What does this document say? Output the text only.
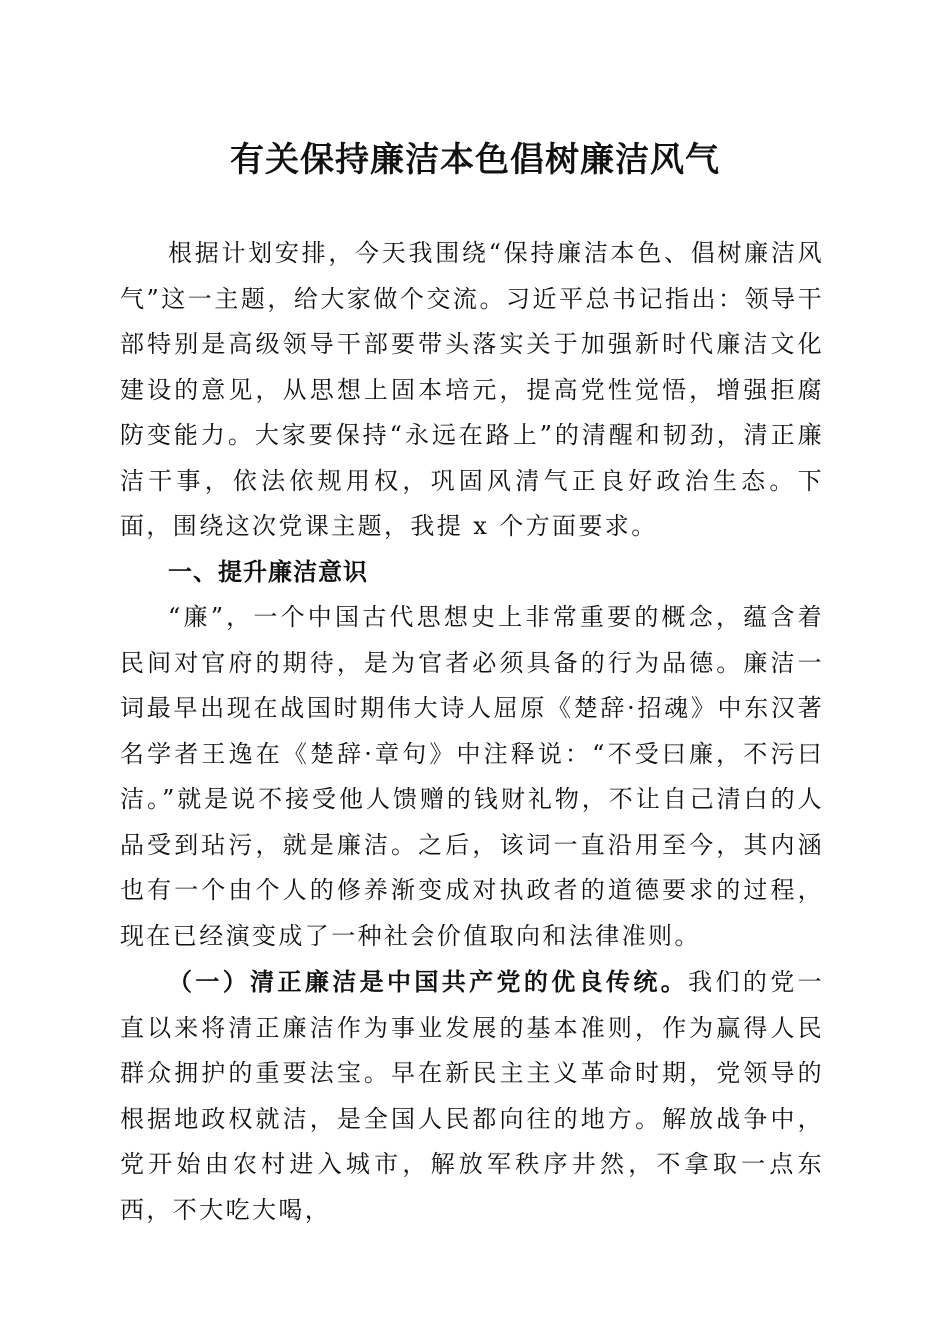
有关保持廉洁本色倡树廉洁风气

根据计划安排，今天我围绕“保持廉洁本色、倡树廉洁风气”这一主题，给大家做个交流。习近平总书记指出：领导干部特别是高级领导干部要带头落实关于加强新时代廉洁文化建设的意见，从思想上固本培元，提高党性觉悟，增强拒腐防变能力。大家要保持“永远在路上”的清醒和韧劲，清正廉洁干事，依法依规用权，巩固风清气正良好政治生态。下面，围绕这次党课主题，我提 x 个方面要求。

一、提升廉洁意识

“廉”，一个中国古代思想史上非常重要的概念，蕴含着民间对官府的期待，是为官者必须具备的行为品德。廉洁一词最早出现在战国时期伟大诗人屈原《楚辞·招魂》中东汉著名学者王逸在《楚辞·章句》中注释说：“不受曰廉，不污曰洁。”就是说不接受他人馈赠的钱财礼物，不让自己清白的人品受到玷污，就是廉洁。之后，该词一直沿用至今，其内涵也有一个由个人的修养渐变成对执政者的道德要求的过程，现在已经演变成了一种社会价值取向和法律准则。

（一）清正廉洁是中国共产党的优良传统。我们的党一直以来将清正廉洁作为事业发展的基本准则，作为赢得人民群众拥护的重要法宝。早在新民主主义革命时期，党领导的根据地政权就洁，是全国人民都向往的地方。解放战争中，党开始由农村进入城市，解放军秩序井然，不拿取一点东西，不大吃大喝，
